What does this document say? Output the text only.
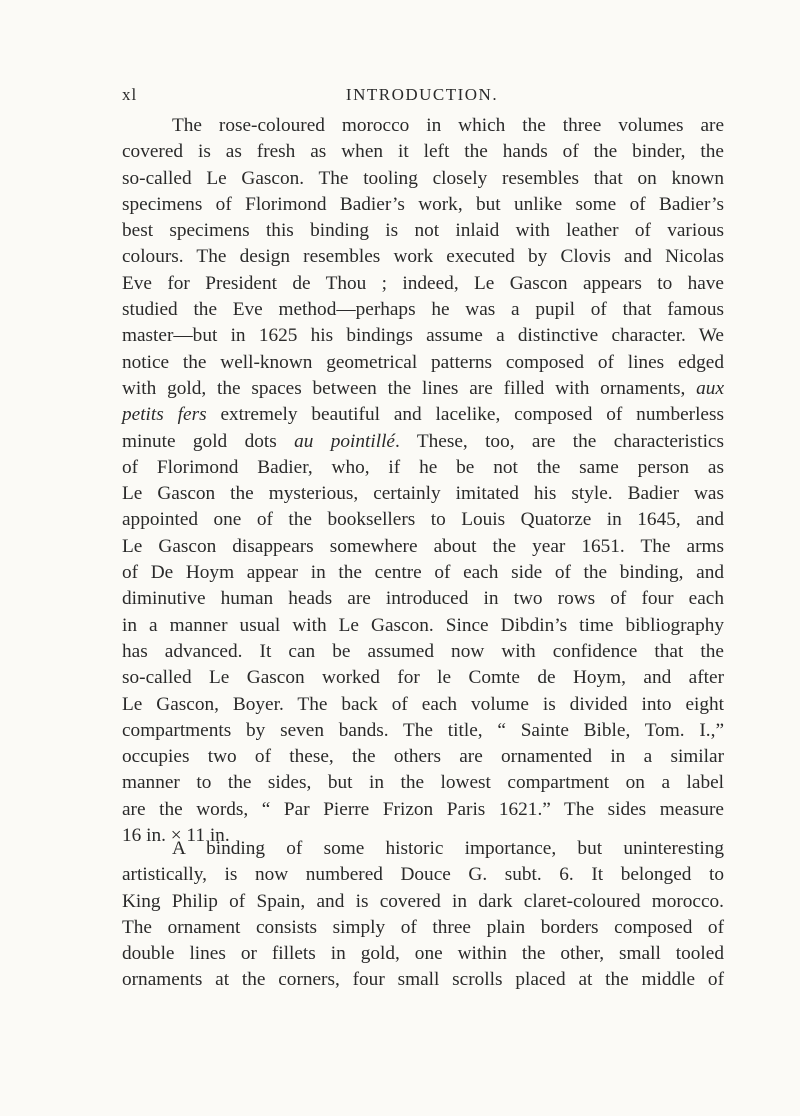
xl	INTRODUCTION.
The rose-coloured morocco in which the three volumes are
covered is as fresh as when it left the hands of the binder, the
so-called Le Gascon. The tooling closely resembles that on known
specimens of Florimond Badier’s work, but unlike some of Badier’s
best specimens this binding is not inlaid with leather of various
colours. The design resembles work executed by Clovis and Nicolas
Eve for President de Thou ; indeed, Le Gascon appears to have
studied the Eve method—perhaps he was a pupil of that famous
master—but in 1625 his bindings assume a distinctive character. We
notice the well-known geometrical patterns composed of lines edged
with gold, the spaces between the lines are filled with ornaments, aux
petits fers extremely beautiful and lacelike, composed of numberless
minute gold dots au pointillé. These, too, are the characteristics
of Florimond Badier, who, if he be not the same person as
Le Gascon the mysterious, certainly imitated his style. Badier was
appointed one of the booksellers to Louis Quatorze in 1645, and
Le Gascon disappears somewhere about the year 1651. The arms
of De Hoym appear in the centre of each side of the binding, and
diminutive human heads are introduced in two rows of four each
in a manner usual with Le Gascon. Since Dibdin’s time bibliography
has advanced. It can be assumed now with confidence that the
so-called Le Gascon worked for le Comte de Hoym, and after
Le Gascon, Boyer. The back of each volume is divided into eight
compartments by seven bands. The title, “ Sainte Bible, Tom. I.,”
occupies two of these, the others are ornamented in a similar
manner to the sides, but in the lowest compartment on a label
are the words, “ Par Pierre Frizon Paris 1621.” The sides measure
16 in. × 11 in.
A binding of some historic importance, but uninteresting
artistically, is now numbered Douce G. subt. 6. It belonged to
King Philip of Spain, and is covered in dark claret-coloured morocco.
The ornament consists simply of three plain borders composed of
double lines or fillets in gold, one within the other, small tooled
ornaments at the corners, four small scrolls placed at the middle of
